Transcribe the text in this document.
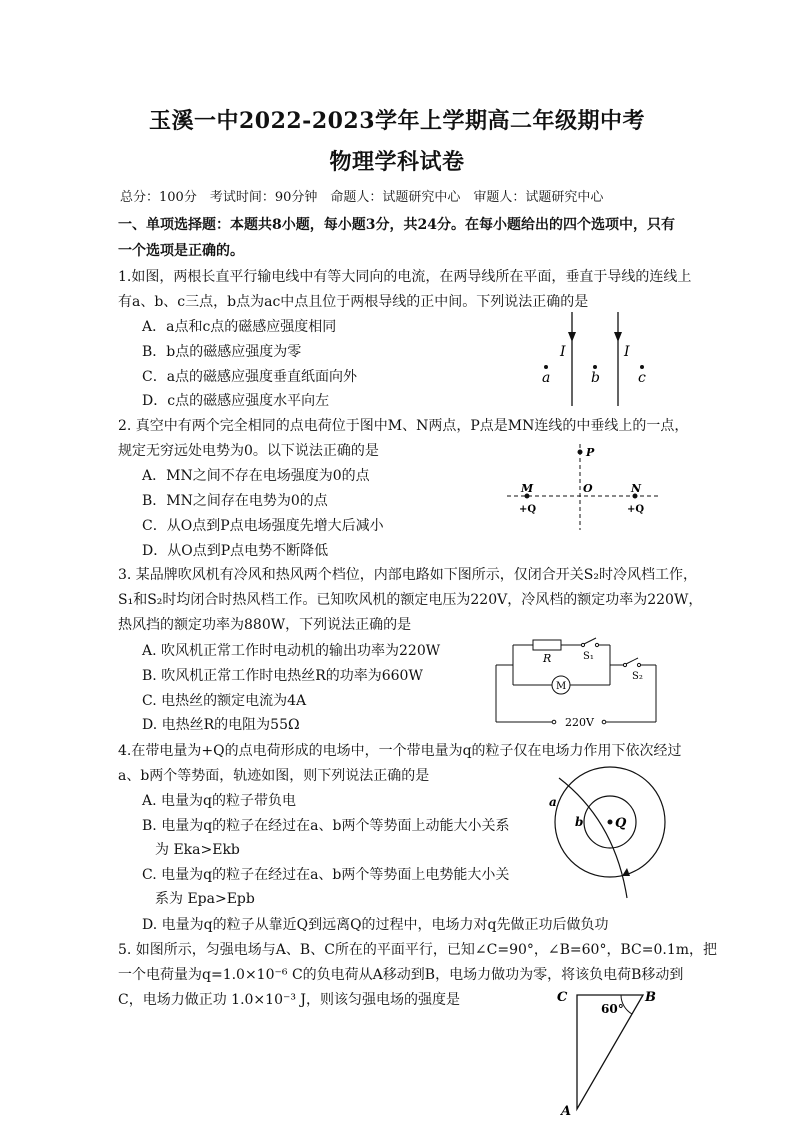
玉溪一中2022-2023学年上学期高二年级期中考
物理学科试卷
总分：100分　考试时间：90分钟　命题人：试题研究中心　审题人：试题研究中心
一、单项选择题：本题共8小题，每小题3分，共24分。在每小题给出的四个选项中，只有
一个选项是正确的。
1.如图，两根长直平行输电线中有等大同向的电流，在两导线所在平面，垂直于导线的连线上
有a、b、c三点，b点为ac中点且位于两根导线的正中间。下列说法正确的是
A．a点和c点的磁感应强度相同
B．b点的磁感应强度为零
C．a点的磁感应强度垂直纸面向外
D．c点的磁感应强度水平向左
I	I
a	b	c
2. 真空中有两个完全相同的点电荷位于图中M、N两点，P点是MN连线的中垂线上的一点，
规定无穷远处电势为0。以下说法正确的是
A．MN之间不存在电场强度为0的点
B．MN之间存在电势为0的点
C．从O点到P点电场强度先增大后减小
D．从O点到P点电势不断降低
P
M	O	N
+Q	+Q
3. 某品牌吹风机有冷风和热风两个档位，内部电路如下图所示，仅闭合开关S₂时冷风档工作，
S₁和S₂时均闭合时热风档工作。已知吹风机的额定电压为220V，冷风档的额定功率为220W，
热风挡的额定功率为880W，下列说法正确的是
A. 吹风机正常工作时电动机的输出功率为220W
B. 吹风机正常工作时电热丝R的功率为660W
C. 电热丝的额定电流为4A
D. 电热丝R的电阻为55Ω
R	S₁
M
S₂
220V
4.在带电量为+Q的点电荷形成的电场中，一个带电量为q的粒子仅在电场力作用下依次经过
a、b两个等势面，轨迹如图，则下列说法正确的是
A. 电量为q的粒子带负电
B. 电量为q的粒子在经过在a、b两个等势面上动能大小关系
为 Eka>Ekb
C. 电量为q的粒子在经过在a、b两个等势面上电势能大小关
系为 Epa>Epb
D. 电量为q的粒子从靠近Q到远离Q的过程中，电场力对q先做正功后做负功
Q
a
b
5. 如图所示，匀强电场与A、B、C所在的平面平行，已知∠C=90°，∠B=60°，BC=0.1m，把
一个电荷量为q=1.0×10⁻⁶ C的负电荷从A移动到B，电场力做功为零，将该负电荷B移动到
C，电场力做正功 1.0×10⁻³ J，则该匀强电场的强度是	C	B
A
60°
